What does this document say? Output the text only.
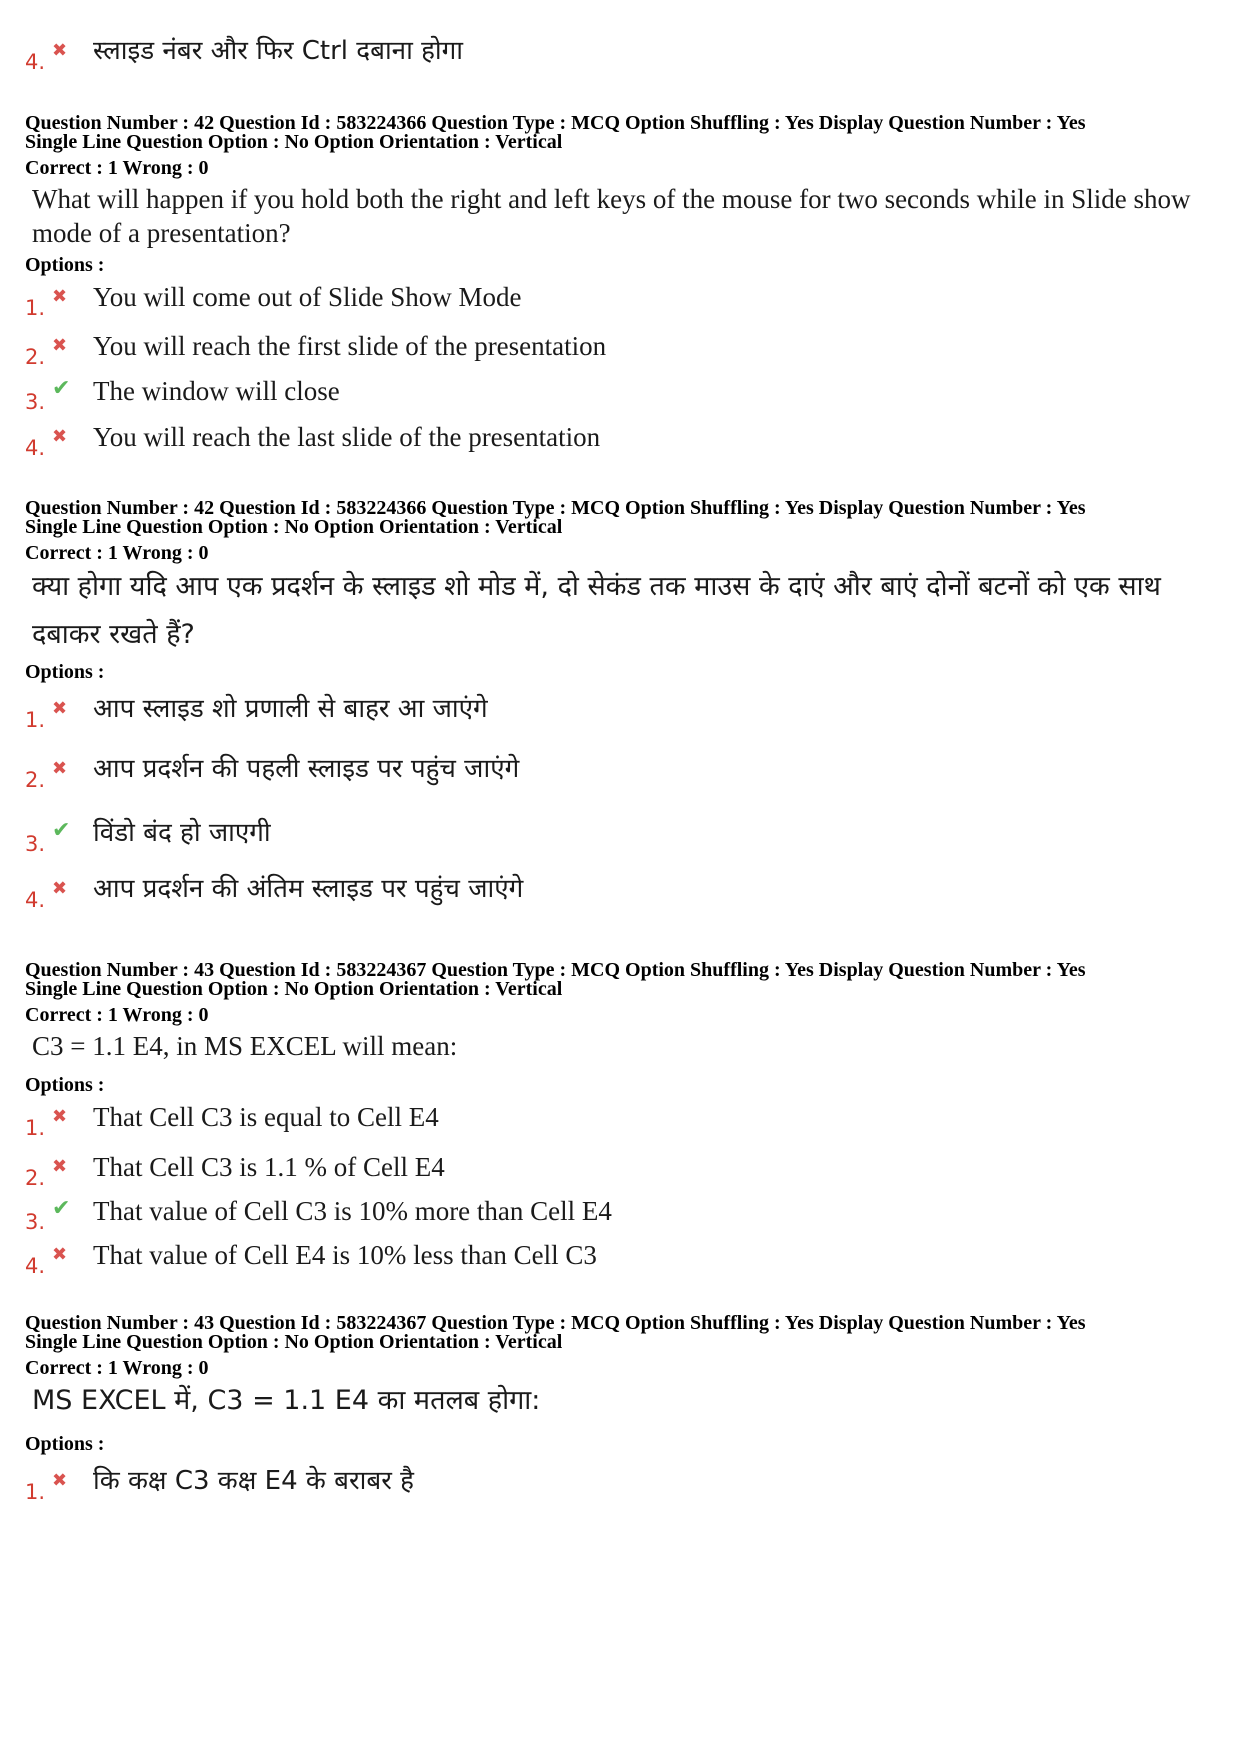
4. ✖ स्लाइड नंबर और फिर Ctrl दबाना होगा
Question Number : 42 Question Id : 583224366 Question Type : MCQ Option Shuffling : Yes Display Question Number : Yes
Single Line Question Option : No Option Orientation : Vertical
Correct : 1 Wrong : 0
What will happen if you hold both the right and left keys of the mouse for two seconds while in Slide show mode of a presentation?
Options :
1. ✖ You will come out of Slide Show Mode
2. ✖ You will reach the first slide of the presentation
3.
✔ The window will close
4. ✖ You will reach the last slide of the presentation
Question Number : 42 Question Id : 583224366 Question Type : MCQ Option Shuffling : Yes Display Question Number : Yes
Single Line Question Option : No Option Orientation : Vertical
Correct : 1 Wrong : 0
क्या होगा यदि आप एक प्रदर्शन के स्लाइड शो मोड में, दो सेकंड तक माउस के दाएं और बाएं दोनों बटनों को एक साथ दबाकर रखते हैं?
Options :
1. ✖ आप स्लाइड शो प्रणाली से बाहर आ जाएंगे
2. ✖ आप प्रदर्शन की पहली स्लाइड पर पहुंच जाएंगे
3.
✔ विंडो बंद हो जाएगी
4. ✖ आप प्रदर्शन की अंतिम स्लाइड पर पहुंच जाएंगे
Question Number : 43 Question Id : 583224367 Question Type : MCQ Option Shuffling : Yes Display Question Number : Yes
Single Line Question Option : No Option Orientation : Vertical
Correct : 1 Wrong : 0
C3 = 1.1 E4, in MS EXCEL will mean:
Options :
1. ✖ That Cell C3 is equal to Cell E4
2. ✖ That Cell C3 is 1.1 % of Cell E4
3.
✔ That value of Cell C3 is 10% more than Cell E4
4. ✖ That value of Cell E4 is 10% less than Cell C3
Question Number : 43 Question Id : 583224367 Question Type : MCQ Option Shuffling : Yes Display Question Number : Yes
Single Line Question Option : No Option Orientation : Vertical
Correct : 1 Wrong : 0
MS EXCEL में, C3 = 1.1 E4 का मतलब होगा:
Options :
1. ✖ कि कक्ष C3 कक्ष E4 के बराबर है
